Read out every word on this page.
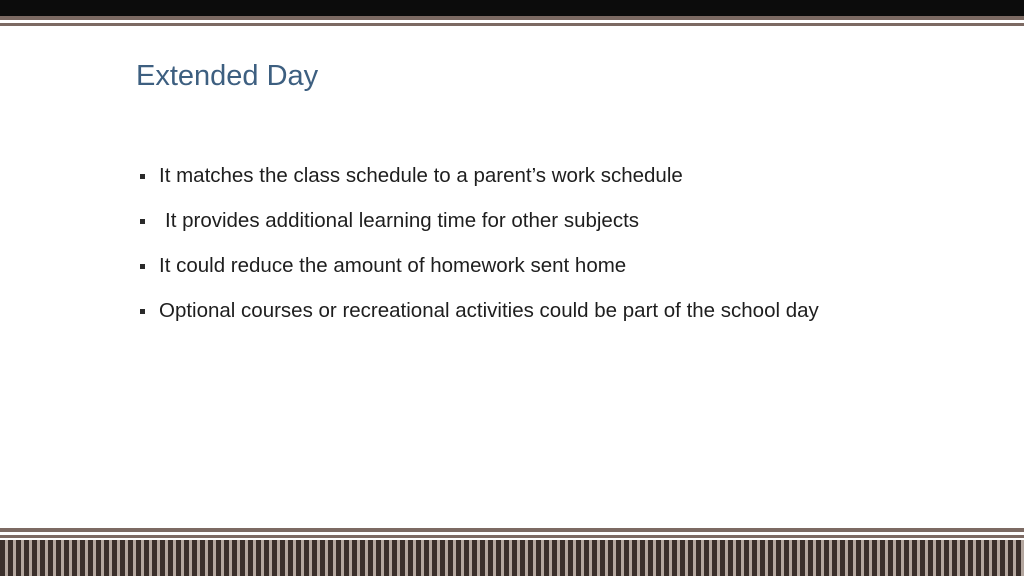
Extended Day
It matches the class schedule to a parent’s work schedule
It provides additional learning time for other subjects
It could reduce the amount of homework sent home
Optional courses or recreational activities could be part of the school day
